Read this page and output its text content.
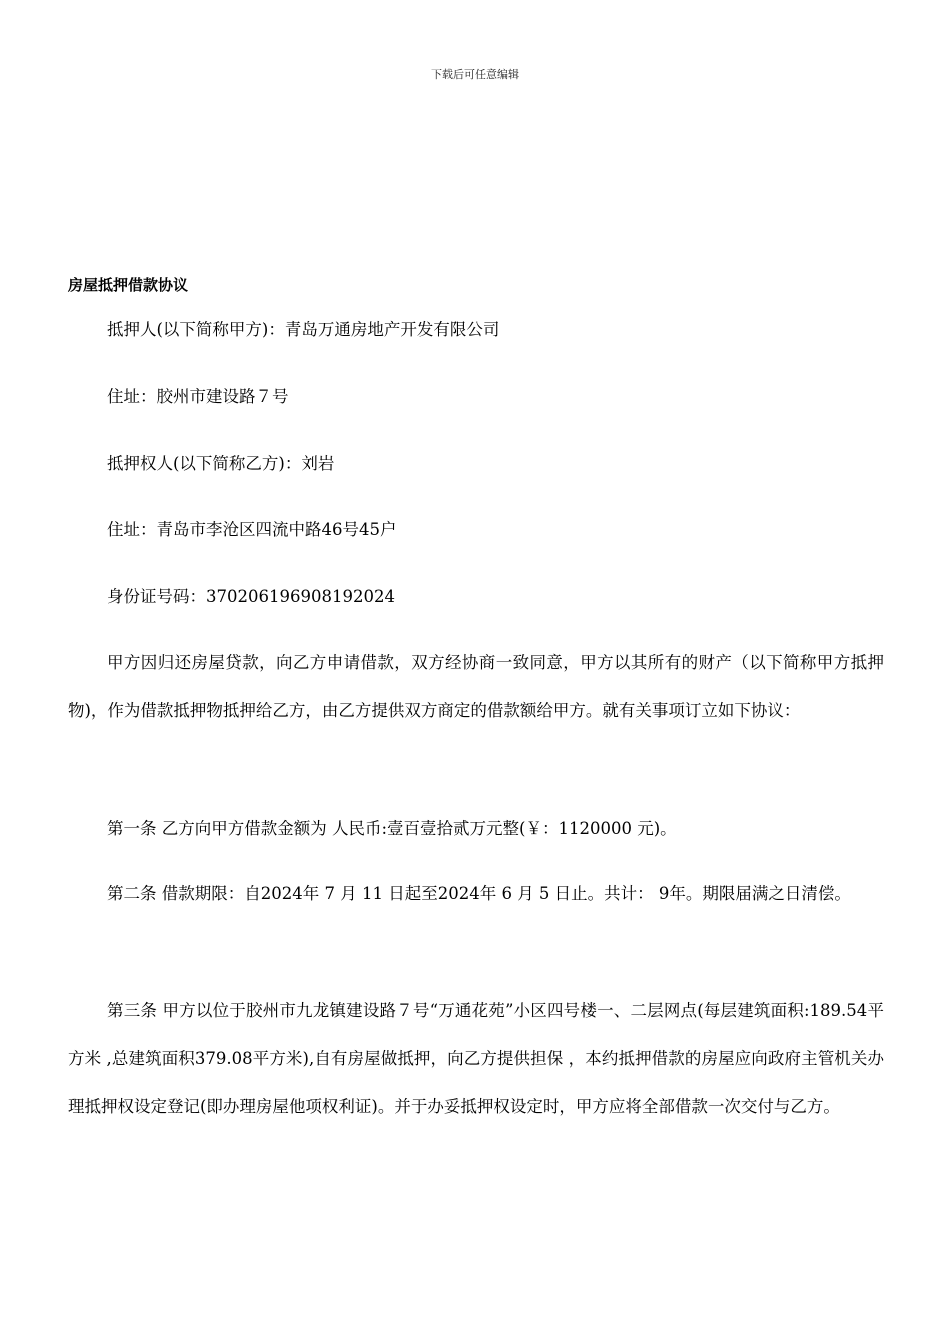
下载后可任意编辑
房屋抵押借款协议

抵押人(以下简称甲方)：青岛万通房地产开发有限公司

住址：胶州市建设路７号

抵押权人(以下简称乙方)：刘岩

住址：青岛市李沧区四流中路46号45户

身份证号码：370206196908192024

甲方因归还房屋贷款，向乙方申请借款，双方经协商一致同意，甲方以其所有的财产（以下简称甲方抵押物)，作为借款抵押物抵押给乙方，由乙方提供双方商定的借款额给甲方。就有关事项订立如下协议：

第一条 乙方向甲方借款金额为 人民币:壹百壹拾贰万元整(￥：1120000 元)。

第二条 借款期限：自2024年 7 月 11 日起至2024年 6 月 5 日止。共计： 9年。期限届满之日清偿。

第三条 甲方以位于胶州市九龙镇建设路７号“万通花苑”小区四号楼一、二层网点(每层建筑面积:189.54平方米 ,总建筑面积379.08平方米),自有房屋做抵押，向乙方提供担保 ，本约抵押借款的房屋应向政府主管机关办理抵押权设定登记(即办理房屋他项权利证)。并于办妥抵押权设定时，甲方应将全部借款一次交付与乙方。
